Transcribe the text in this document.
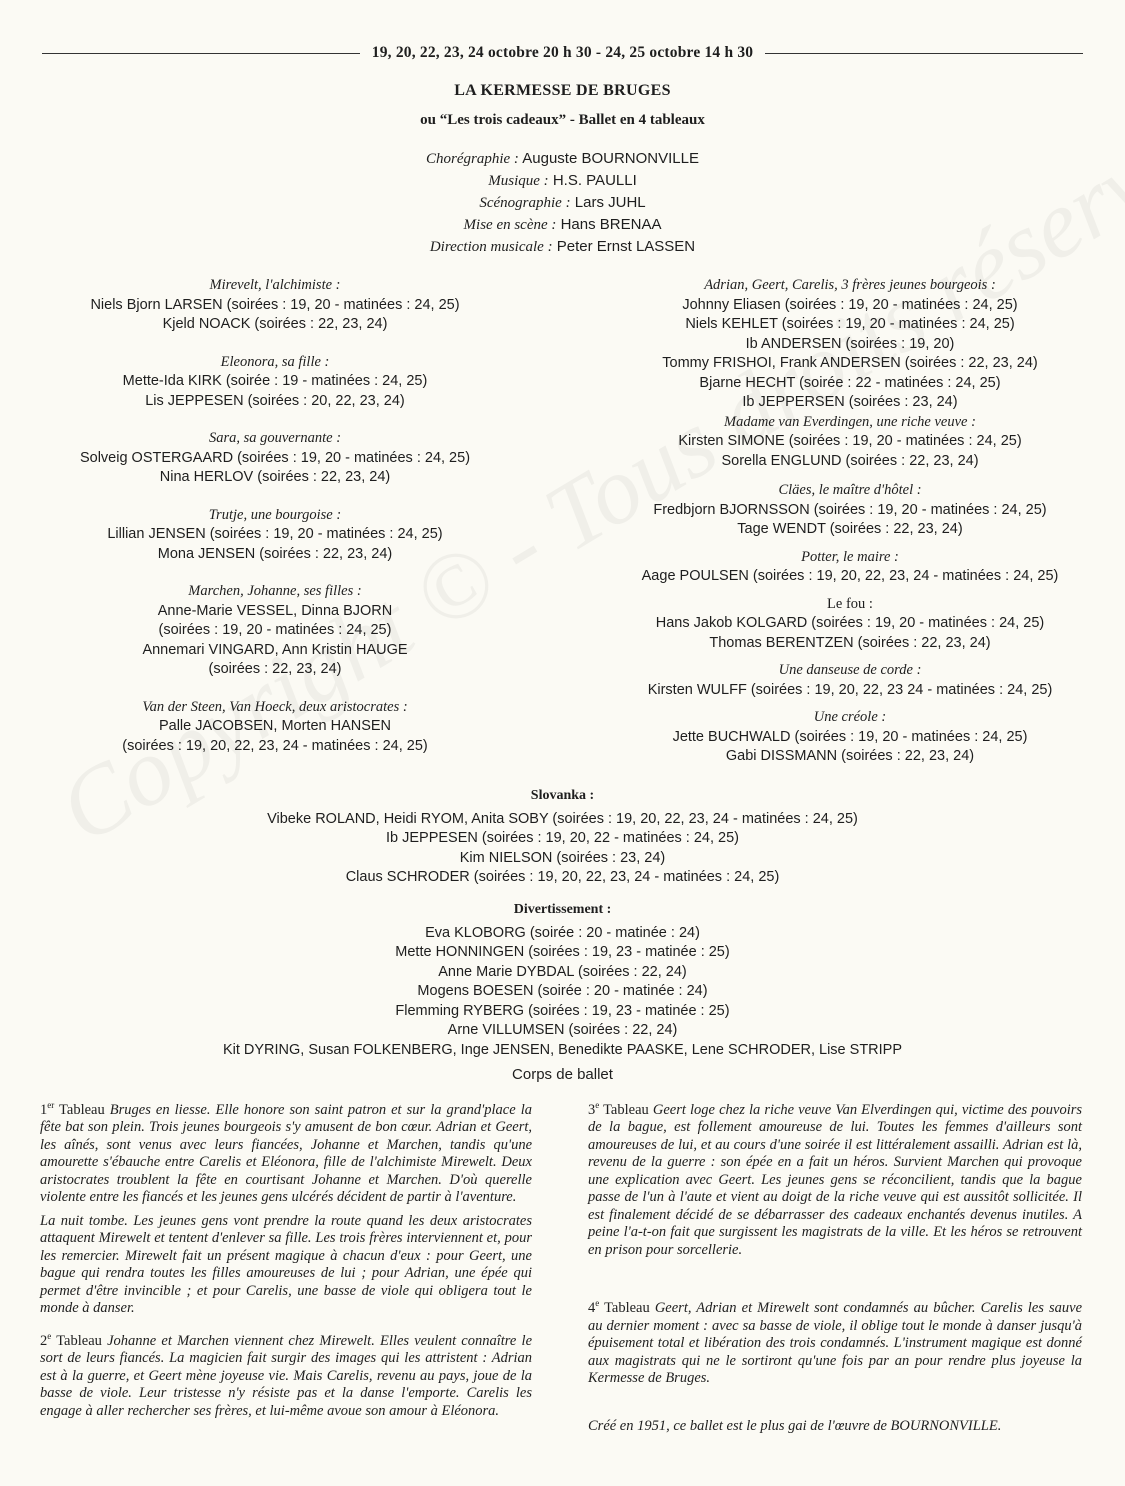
19, 20, 22, 23, 24 octobre 20 h 30 - 24, 25 octobre 14 h 30
LA KERMESSE DE BRUGES
ou “Les trois cadeaux” - Ballet en 4 tableaux
Chorégraphie : Auguste BOURNONVILLE
Musique : H.S. PAULLI
Scénographie : Lars JUHL
Mise en scène : Hans BRENAA
Direction musicale : Peter Ernst LASSEN
Mirevelt, l'alchimiste :
Niels Bjorn LARSEN (soirées : 19, 20 - matinées : 24, 25)
Kjeld NOACK (soirées : 22, 23, 24)
Eleonora, sa fille :
Mette-Ida KIRK (soirée : 19 - matinées : 24, 25)
Lis JEPPESEN (soirées : 20, 22, 23, 24)
Sara, sa gouvernante :
Solveig OSTERGAARD (soirées : 19, 20 - matinées : 24, 25)
Nina HERLOV (soirées : 22, 23, 24)
Trutje, une bourgoise :
Lillian JENSEN (soirées : 19, 20 - matinées : 24, 25)
Mona JENSEN (soirées : 22, 23, 24)
Marchen, Johanne, ses filles :
Anne-Marie VESSEL, Dinna BJORN
(soirées : 19, 20 - matinées : 24, 25)
Annemari VINGARD, Ann Kristin HAUGE
(soirées : 22, 23, 24)
Van der Steen, Van Hoeck, deux aristocrates :
Palle JACOBSEN, Morten HANSEN
(soirées : 19, 20, 22, 23, 24 - matinées : 24, 25)
Adrian, Geert, Carelis, 3 frères jeunes bourgeois :
Johnny Eliasen (soirées : 19, 20 - matinées : 24, 25)
Niels KEHLET (soirées : 19, 20 - matinées : 24, 25)
Ib ANDERSEN (soirées : 19, 20)
Tommy FRISHOI, Frank ANDERSEN (soirées : 22, 23, 24)
Bjarne HECHT (soirée : 22 - matinées : 24, 25)
Ib JEPPERSEN (soirées : 23, 24)
Madame van Everdingen, une riche veuve :
Kirsten SIMONE (soirées : 19, 20 - matinées : 24, 25)
Sorella ENGLUND (soirées : 22, 23, 24)
Cläes, le maître d'hôtel :
Fredbjorn BJORNSSON (soirées : 19, 20 - matinées : 24, 25)
Tage WENDT (soirées : 22, 23, 24)
Potter, le maire :
Aage POULSEN (soirées : 19, 20, 22, 23, 24 - matinées : 24, 25)
Le fou :
Hans Jakob KOLGARD (soirées : 19, 20 - matinées : 24, 25)
Thomas BERENTZEN (soirées : 22, 23, 24)
Une danseuse de corde :
Kirsten WULFF (soirées : 19, 20, 22, 23 24 - matinées : 24, 25)
Une créole :
Jette BUCHWALD (soirées : 19, 20 - matinées : 24, 25)
Gabi DISSMANN (soirées : 22, 23, 24)
Slovanka :
Vibeke ROLAND, Heidi RYOM, Anita SOBY (soirées : 19, 20, 22, 23, 24 - matinées : 24, 25)
Ib JEPPESEN (soirées : 19, 20, 22 - matinées : 24, 25)
Kim NIELSON (soirées : 23, 24)
Claus SCHRODER (soirées : 19, 20, 22, 23, 24 - matinées : 24, 25)
Divertissement :
Eva KLOBORG (soirée : 20 - matinée : 24)
Mette HONNINGEN (soirées : 19, 23 - matinée : 25)
Anne Marie DYBDAL (soirées : 22, 24)
Mogens BOESEN (soirée : 20 - matinée : 24)
Flemming RYBERG (soirées : 19, 23 - matinée : 25)
Arne VILLUMSEN (soirées : 22, 24)
Kit DYRING, Susan FOLKENBERG, Inge JENSEN, Benedikte PAASKE, Lene SCHRODER, Lise STRIPP
Corps de ballet

1er Tableau Bruges en liesse. Elle honore son saint patron et sur la grand'place la fête bat son plein. Trois jeunes bourgeois s'y amusent de bon cœur. Adrian et Geert, les aînés, sont venus avec leurs fiancées, Johanne et Marchen, tandis qu'une amourette s'ébauche entre Carelis et Eléonora, fille de l'alchimiste Mirewelt. Deux aristocrates troublent la fête en courtisant Johanne et Marchen. D'où querelle violente entre les fiancés et les jeunes gens ulcérés décident de partir à l'aventure.

La nuit tombe. Les jeunes gens vont prendre la route quand les deux aristocrates attaquent Mirewelt et tentent d'enlever sa fille. Les trois frères interviennent et, pour les remercier. Mirewelt fait un présent magique à chacun d'eux : pour Geert, une bague qui rendra toutes les filles amoureuses de lui ; pour Adrian, une épée qui permet d'être invincible ; et pour Carelis, une basse de viole qui obligera tout le monde à danser.

2e Tableau Johanne et Marchen viennent chez Mirewelt. Elles veulent connaître le sort de leurs fiancés. La magicien fait surgir des images qui les attristent : Adrian est à la guerre, et Geert mène joyeuse vie. Mais Carelis, revenu au pays, joue de la basse de viole. Leur tristesse n'y résiste pas et la danse l'emporte. Carelis les engage à aller rechercher ses frères, et lui-même avoue son amour à Eléonora.

3e Tableau Geert loge chez la riche veuve Van Elverdingen qui, victime des pouvoirs de la bague, est follement amoureuse de lui. Toutes les femmes d'ailleurs sont amoureuses de lui, et au cours d'une soirée il est littéralement assailli. Adrian est là, revenu de la guerre : son épée en a fait un héros. Survient Marchen qui provoque une explication avec Geert. Les jeunes gens se réconcilient, tandis que la bague passe de l'un à l'aute et vient au doigt de la riche veuve qui est aussitôt sollicitée. Il est finalement décidé de se débarrasser des cadeaux enchantés devenus inutiles. A peine l'a-t-on fait que surgissent les magistrats de la ville. Et les héros se retrouvent en prison pour sorcellerie.

4e Tableau Geert, Adrian et Mirewelt sont condamnés au bûcher. Carelis les sauve au dernier moment : avec sa basse de viole, il oblige tout le monde à danser jusqu'à épuisement total et libération des trois condamnés. L'instrument magique est donné aux magistrats qui ne le sortiront qu'une fois par an pour rendre plus joyeuse la Kermesse de Bruges.

Créé en 1951, ce ballet est le plus gai de l'œuvre de BOURNONVILLE.
